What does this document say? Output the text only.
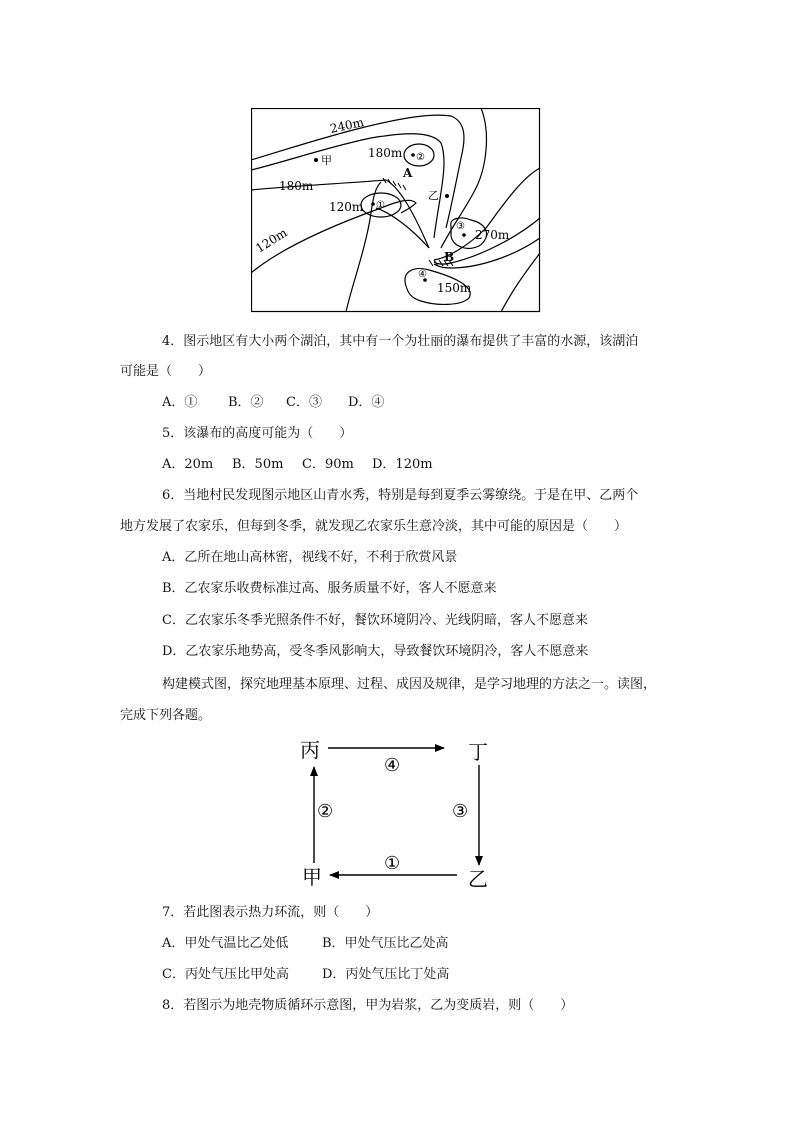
240m
180m
180m
120m
120m	270m
150m
甲
乙
A
B
①
②
③
④
4．图示地区有大小两个湖泊，其中有一个为壮丽的瀑布提供了丰富的水源，该湖泊
可能是（　　）
A．① B．② C．③ D．④
5．该瀑布的高度可能为（　　）
A．20m B．50m C．90m D．120m
6．当地村民发现图示地区山青水秀，特别是每到夏季云雾缭绕。于是在甲、乙两个
地方发展了农家乐，但每到冬季，就发现乙农家乐生意冷淡，其中可能的原因是（　　）
A．乙所在地山高林密，视线不好，不利于欣赏风景
B．乙农家乐收费标准过高、服务质量不好，客人不愿意来
C．乙农家乐冬季光照条件不好，餐饮环境阴冷、光线阴暗，客人不愿意来
D．乙农家乐地势高，受冬季风影响大，导致餐饮环境阴冷，客人不愿意来
构建模式图，探究地理基本原理、过程、成因及规律，是学习地理的方法之一。读图，
完成下列各题。
丙	丁
甲	乙
④
②	③
①
7．若此图表示热力环流，则（　　）
A．甲处气温比乙处低	B．甲处气压比乙处高
C．丙处气压比甲处高	D．丙处气压比丁处高
8．若图示为地壳物质循环示意图，甲为岩浆，乙为变质岩，则（　　）
